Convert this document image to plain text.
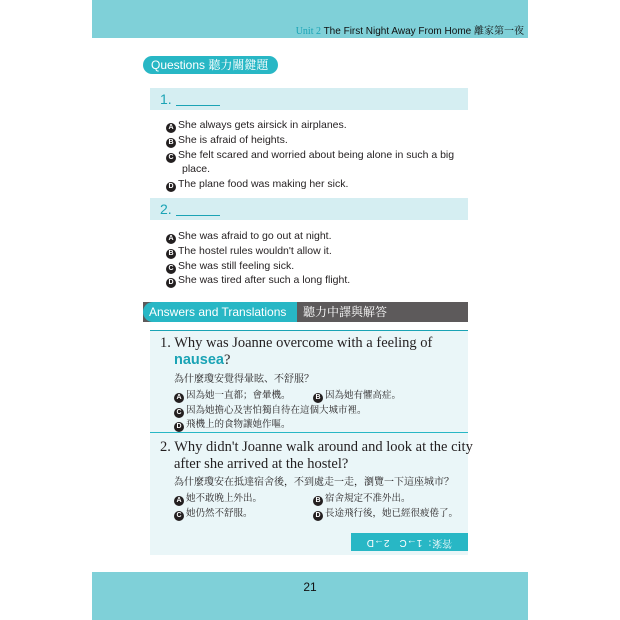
Unit 2 The First Night Away From Home 離家第一夜
Questions 聽力關鍵題
1.
A She always gets airsick in airplanes.
B She is afraid of heights.
C She felt scared and worried about being alone in such a big
place.
D The plane food was making her sick.
2.
A She was afraid to go out at night.
B The hostel rules wouldn't allow it.
C She was still feeling sick.
D She was tired after such a long flight.
Answers and Translations	聽力中譯與解答
1. Why was Joanne overcome with a feeling of
nausea?
為什麼瓊安覺得暈眩、不舒服？
A 因為她一直都；會暈機。	B 因為她有懼高症。
C 因為她擔心及害怕獨自待在這個大城市裡。
D 飛機上的食物讓她作嘔。
2. Why didn't Joanne walk around and look at the city
after she arrived at the hostel?
為什麼瓊安在抵達宿舍後，不到處走一走，瀏覽一下這座城市？
A 她不敢晚上外出。	B 宿舍規定不准外出。
C 她仍然不舒服。	D 長途飛行後，她已經很疲倦了。
答案：1→C　2→D
21
